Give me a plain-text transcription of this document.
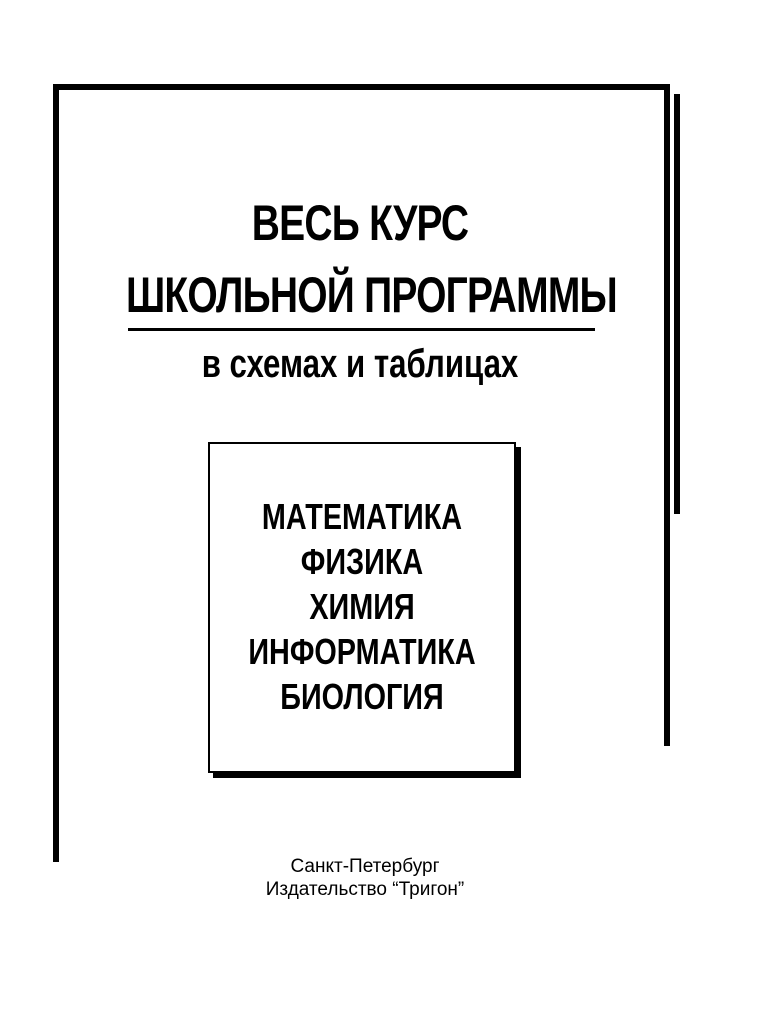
ВЕСЬ КУРС
ШКОЛЬНОЙ ПРОГРАММЫ
в схемах и таблицах
МАТЕМАТИКА
ФИЗИКА
ХИМИЯ
ИНФОРМАТИКА
БИОЛОГИЯ
Санкт-Петербург
Издательство “Тригон”
